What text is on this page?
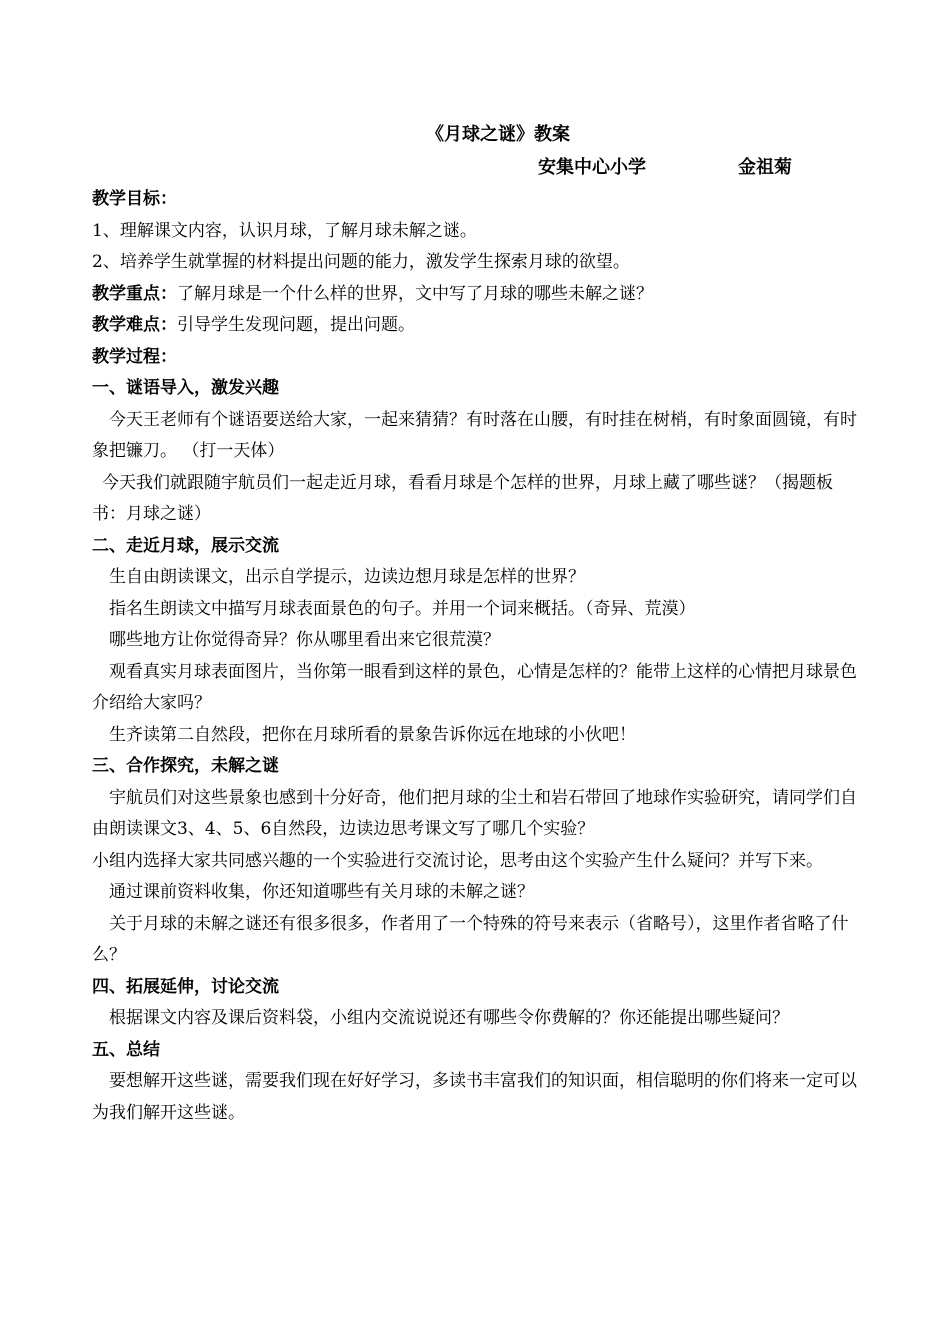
《月球之谜》教案
安集中心小学	金祖菊
教学目标：
1、理解课文内容，认识月球，了解月球未解之谜。
2、培养学生就掌握的材料提出问题的能力，激发学生探索月球的欲望。
教学重点：了解月球是一个什么样的世界，文中写了月球的哪些未解之谜？
教学难点：引导学生发现问题，提出问题。
教学过程：
一、谜语导入，激发兴趣

今天王老师有个谜语要送给大家，一起来猜猜？有时落在山腰，有时挂在树梢，有时象面圆镜，有时象把镰刀。 （打一天体）

今天我们就跟随宇航员们一起走近月球，看看月球是个怎样的世界，月球上藏了哪些谜？（揭题板书：月球之谜）

二、走近月球，展示交流

生自由朗读课文，出示自学提示，边读边想月球是怎样的世界？

指名生朗读文中描写月球表面景色的句子。并用一个词来概括。（奇异、荒漠）

哪些地方让你觉得奇异？你从哪里看出来它很荒漠？

观看真实月球表面图片，当你第一眼看到这样的景色，心情是怎样的？能带上这样的心情把月球景色介绍给大家吗？

生齐读第二自然段，把你在月球所看的景象告诉你远在地球的小伙吧！

三、合作探究，未解之谜

宇航员们对这些景象也感到十分好奇，他们把月球的尘土和岩石带回了地球作实验研究，请同学们自由朗读课文3、4、5、6自然段，边读边思考课文写了哪几个实验？

小组内选择大家共同感兴趣的一个实验进行交流讨论，思考由这个实验产生什么疑问？并写下来。

通过课前资料收集，你还知道哪些有关月球的未解之谜？

关于月球的未解之谜还有很多很多，作者用了一个特殊的符号来表示（省略号），这里作者省略了什么？

四、拓展延伸，讨论交流

根据课文内容及课后资料袋，小组内交流说说还有哪些令你费解的？你还能提出哪些疑问？

五、总结

要想解开这些谜，需要我们现在好好学习，多读书丰富我们的知识面，相信聪明的你们将来一定可以为我们解开这些谜。
